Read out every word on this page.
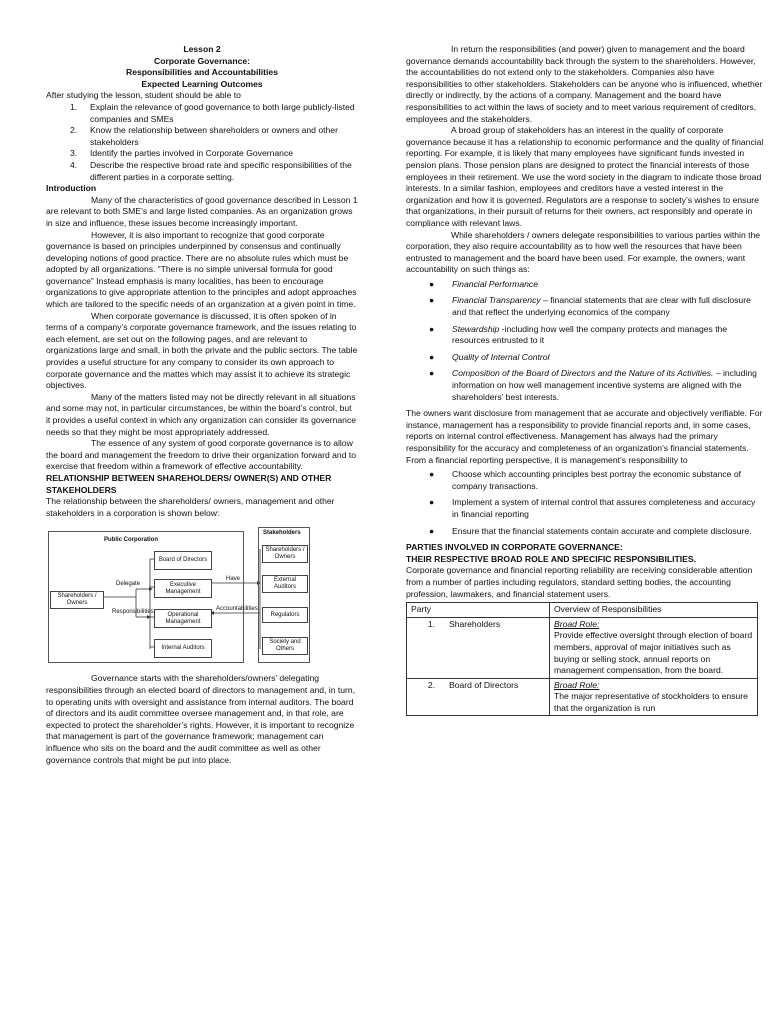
Lesson 2

Corporate Governance:

Responsibilities and Accountabilities

Expected Learning Outcomes

After studying the lesson, student should be able to

1. Explain the relevance of good governance to both large publicly-listed companies and SMEs
2. Know the relationship between shareholders or owners and other stakeholders
3. Identify the parties involved in Corporate Governance
4. Describe the respective broad rate and specific responsibilities of the different parties in a corporate setting.

Introduction

Many of the characteristics of good governance described in Lesson 1 are relevant to both SME’s and large listed companies. As an organization grows in size and influence, these issues become increasingly important.

However, it is also important to recognize that good corporate governance is based on principles underpinned by consensus and continually developing notions of good practice. There are no absolute rules which must be adopted by all organizations. “There is no simple universal formula for good governance” Instead emphasis is many localities, has been to encourage organizations to give appropriate attention to the principles and adopt approaches which are tailored to the specific needs of an organization at a given point in time.

When corporate governance is discussed, it is often spoken of in terms of a company’s corporate governance framework, and the issues relating to each element, are set out on the following pages, and are relevant to organizations large and small, in both the private and the public sectors. The table provides a useful structure for any company to consider its own approach to corporate governance and the mattes which may assist it to achieve its strategic objectives.

Many of the matters listed may not be directly relevant in all situations and some may not, in particular circumstances, be within the board’s control, but it provides a useful context in which any organization can consider its governance needs so that they might be most appropriately addressed.

The essence of any system of good corporate governance is to allow the board and management the freedom to drive their organization forward and to exercise that freedom within a framework of effective accountability.

RELATIONSHIP BETWEEN SHAREHOLDERS/ OWNER(S) AND OTHER STAKEHOLDERS

The relationship between the shareholders/ owners, management and other stakeholders in a corporation is shown below:

Public Corporation
Shareholders / Owners
Delegate
Responsibilities
Board of Directors
Executive Management
Operational Management
Internal Auditors
Have
Accountabilities
Stakeholders
Shareholders / Owners
External Auditors
Regulators
Society and Others

Governance starts with the shareholders/owners’ delegating responsibilities through an elected board of directors to management and, in turn, to operating units with oversight and assistance from internal auditors. The board of directors and its audit committee oversee management and, in that role, are expected to protect the shareholder’s rights. However, it is important to recognize that management is part of the governance framework; management can influence who sits on the board and the audit committee as well as other governance controls that might be put into place.

In return the responsibilities (and power) given to management and the board governance demands accountability back through the system to the shareholders. However, the accountabilities do not extend only to the stakeholders. Companies also have responsibilities to other stakeholders. Stakeholders can be anyone who is influenced, whether directly or indirectly, by the actions of a company. Management and the board have responsibilities to act within the laws of society and to meet various requirement of creditors, employees and the stakeholders.

A broad group of stakeholders has an interest in the quality of corporate governance because it has a relationship to economic performance and the quality of financial reporting. For example, it is likely that many employees have significant funds invested in pension plans. Those pension plans are designed to protect the financial interests of those employees in their retirement. We use the word society in the diagram to indicate those broad interests. In a similar fashion, employees and creditors have a vested interest in the organization and how it is governed. Regulators are a response to society’s wishes to ensure that organizations, in their pursuit of returns for their owners, act responsibly and operate in compliance with relevant laws.

While shareholders / owners delegate responsibilities to various parties within the corporation, they also require accountability as to how well the resources that have been entrusted to management and the board have been used. For example, the owners, want accountability on such things as:

● Financial Performance
● Financial Transparency – financial statements that are clear with full disclosure and that reflect the underlying economics of the company
● Stewardship -including how well the company protects and manages the resources entrusted to it
● Quality of Internal Control
● Composition of the Board of Directors and the Nature of its Activities. – including information on how well management incentive systems are aligned with the shareholders’ best interests.

The owners want disclosure from management that ae accurate and objectively verifiable. For instance, management has a responsibility to provide financial reports and, in some cases, reports on internal control effectiveness. Management has always had the primary responsibility for the accuracy and completeness of an organization’s financial statements. From a financial reporting perspective, it is management’s responsibility to

● Choose which accounting principles best portray the economic substance of company transactions.
● Implement a system of internal control that assures completeness and accuracy in financial reporting
● Ensure that the financial statements contain accurate and complete disclosure.

PARTIES INVOLVED IN CORPORATE GOVERNANCE:

THEIR RESPECTIVE BROAD ROLE AND SPECIFIC RESPONSIBILITIES.

Corporate governance and financial reporting reliability are receiving considerable attention from a number of parties including regulators, standard setting bodies, the accounting profession, lawmakers, and financial statement users.

Party	Overview of Responsibilities
1. Shareholders	Broad Role:
Provide effective oversight through election of board members, approval of major initiatives such as buying or selling stock, annual reports on management compensation, from the board.

2. Board of Directors	Broad Role:
The major representative of stockholders to ensure that the organization is run
